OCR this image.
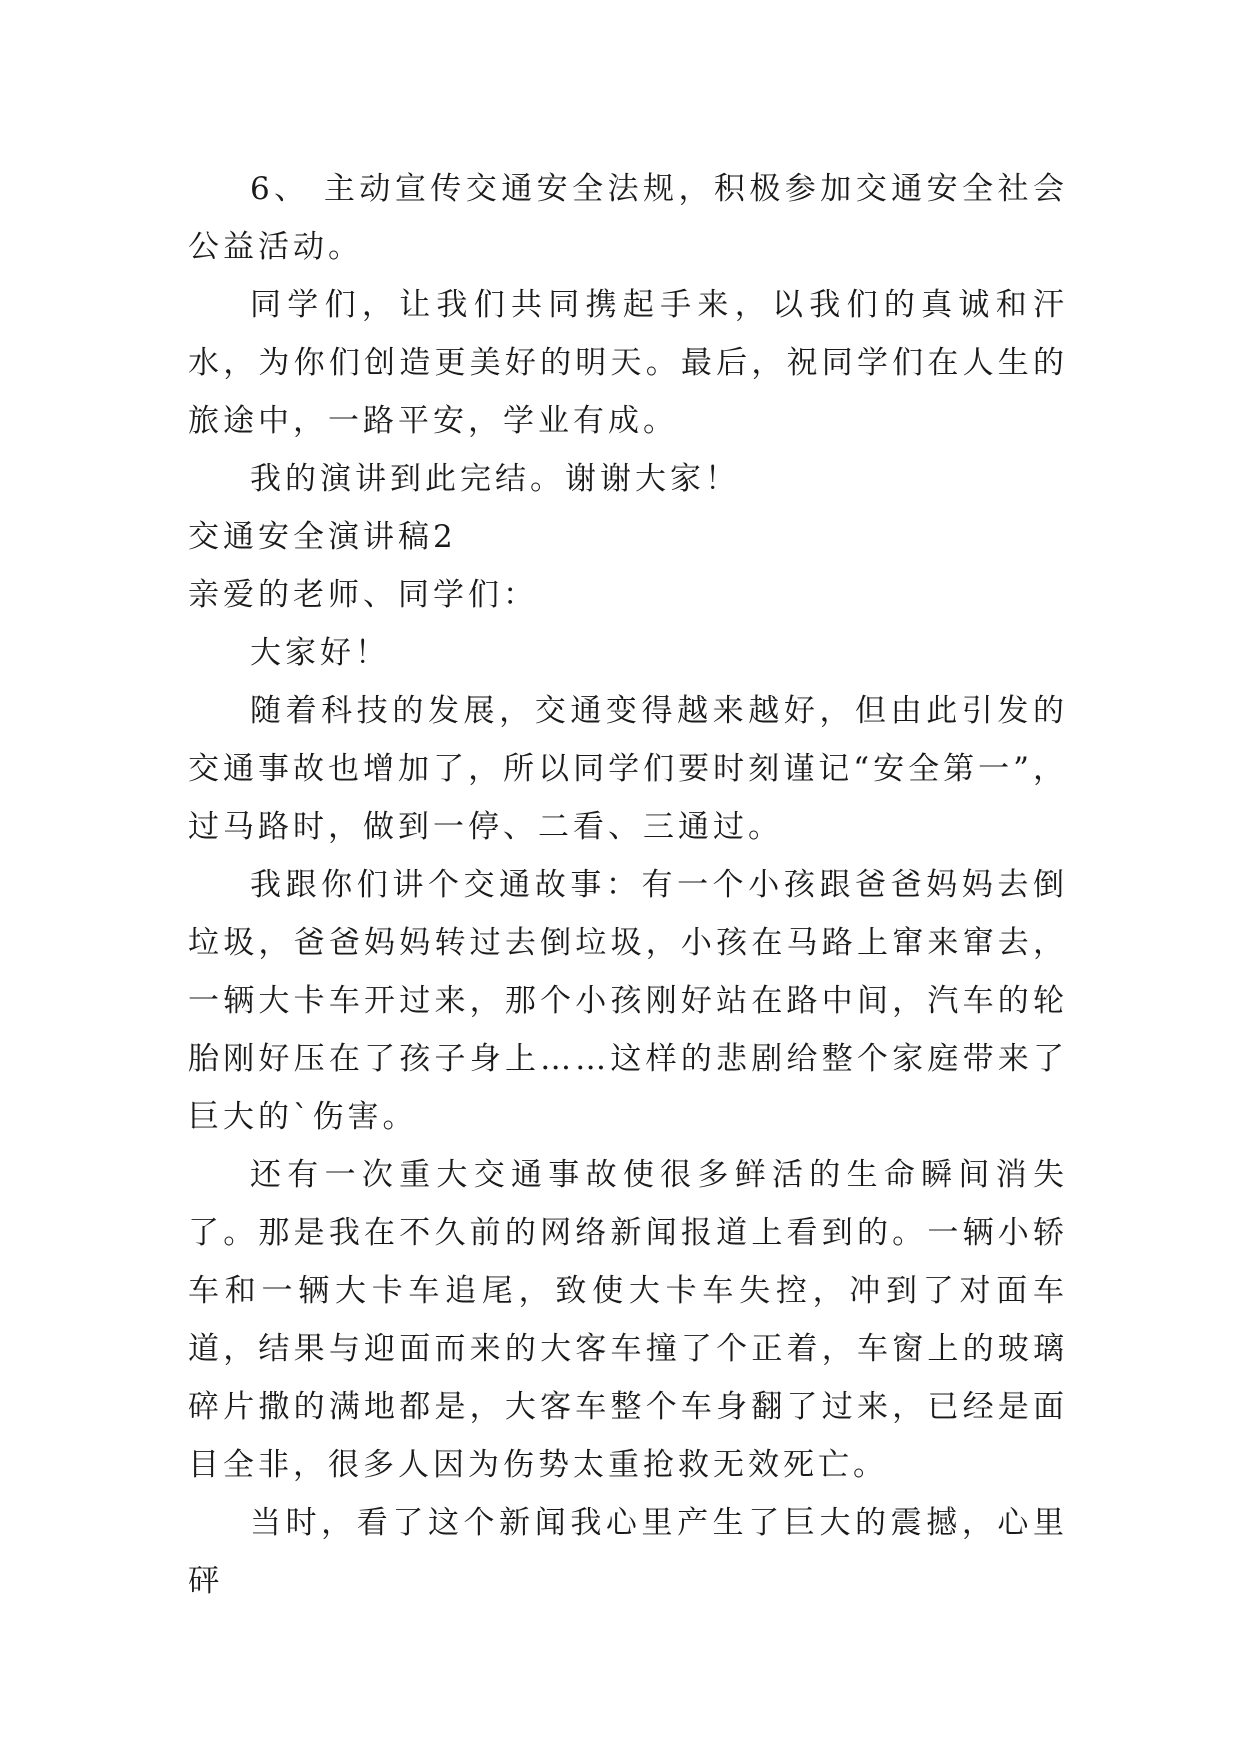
6、 主动宣传交通安全法规，积极参加交通安全社会公益活动。

同学们，让我们共同携起手来，以我们的真诚和汗水，为你们创造更美好的明天。最后，祝同学们在人生的旅途中，一路平安，学业有成。

我的演讲到此完结。谢谢大家！

交通安全演讲稿2

亲爱的老师、同学们：

大家好！

随着科技的发展，交通变得越来越好，但由此引发的交通事故也增加了，所以同学们要时刻谨记“安全第一”，过马路时，做到一停、二看、三通过。

我跟你们讲个交通故事：有一个小孩跟爸爸妈妈去倒垃圾，爸爸妈妈转过去倒垃圾，小孩在马路上窜来窜去，一辆大卡车开过来，那个小孩刚好站在路中间，汽车的轮胎刚好压在了孩子身上……这样的悲剧给整个家庭带来了巨大的`伤害。

还有一次重大交通事故使很多鲜活的生命瞬间消失了。那是我在不久前的网络新闻报道上看到的。一辆小轿车和一辆大卡车追尾，致使大卡车失控，冲到了对面车道，结果与迎面而来的大客车撞了个正着，车窗上的玻璃碎片撒的满地都是，大客车整个车身翻了过来，已经是面目全非，很多人因为伤势太重抢救无效死亡。

当时，看了这个新闻我心里产生了巨大的震撼，心里砰
